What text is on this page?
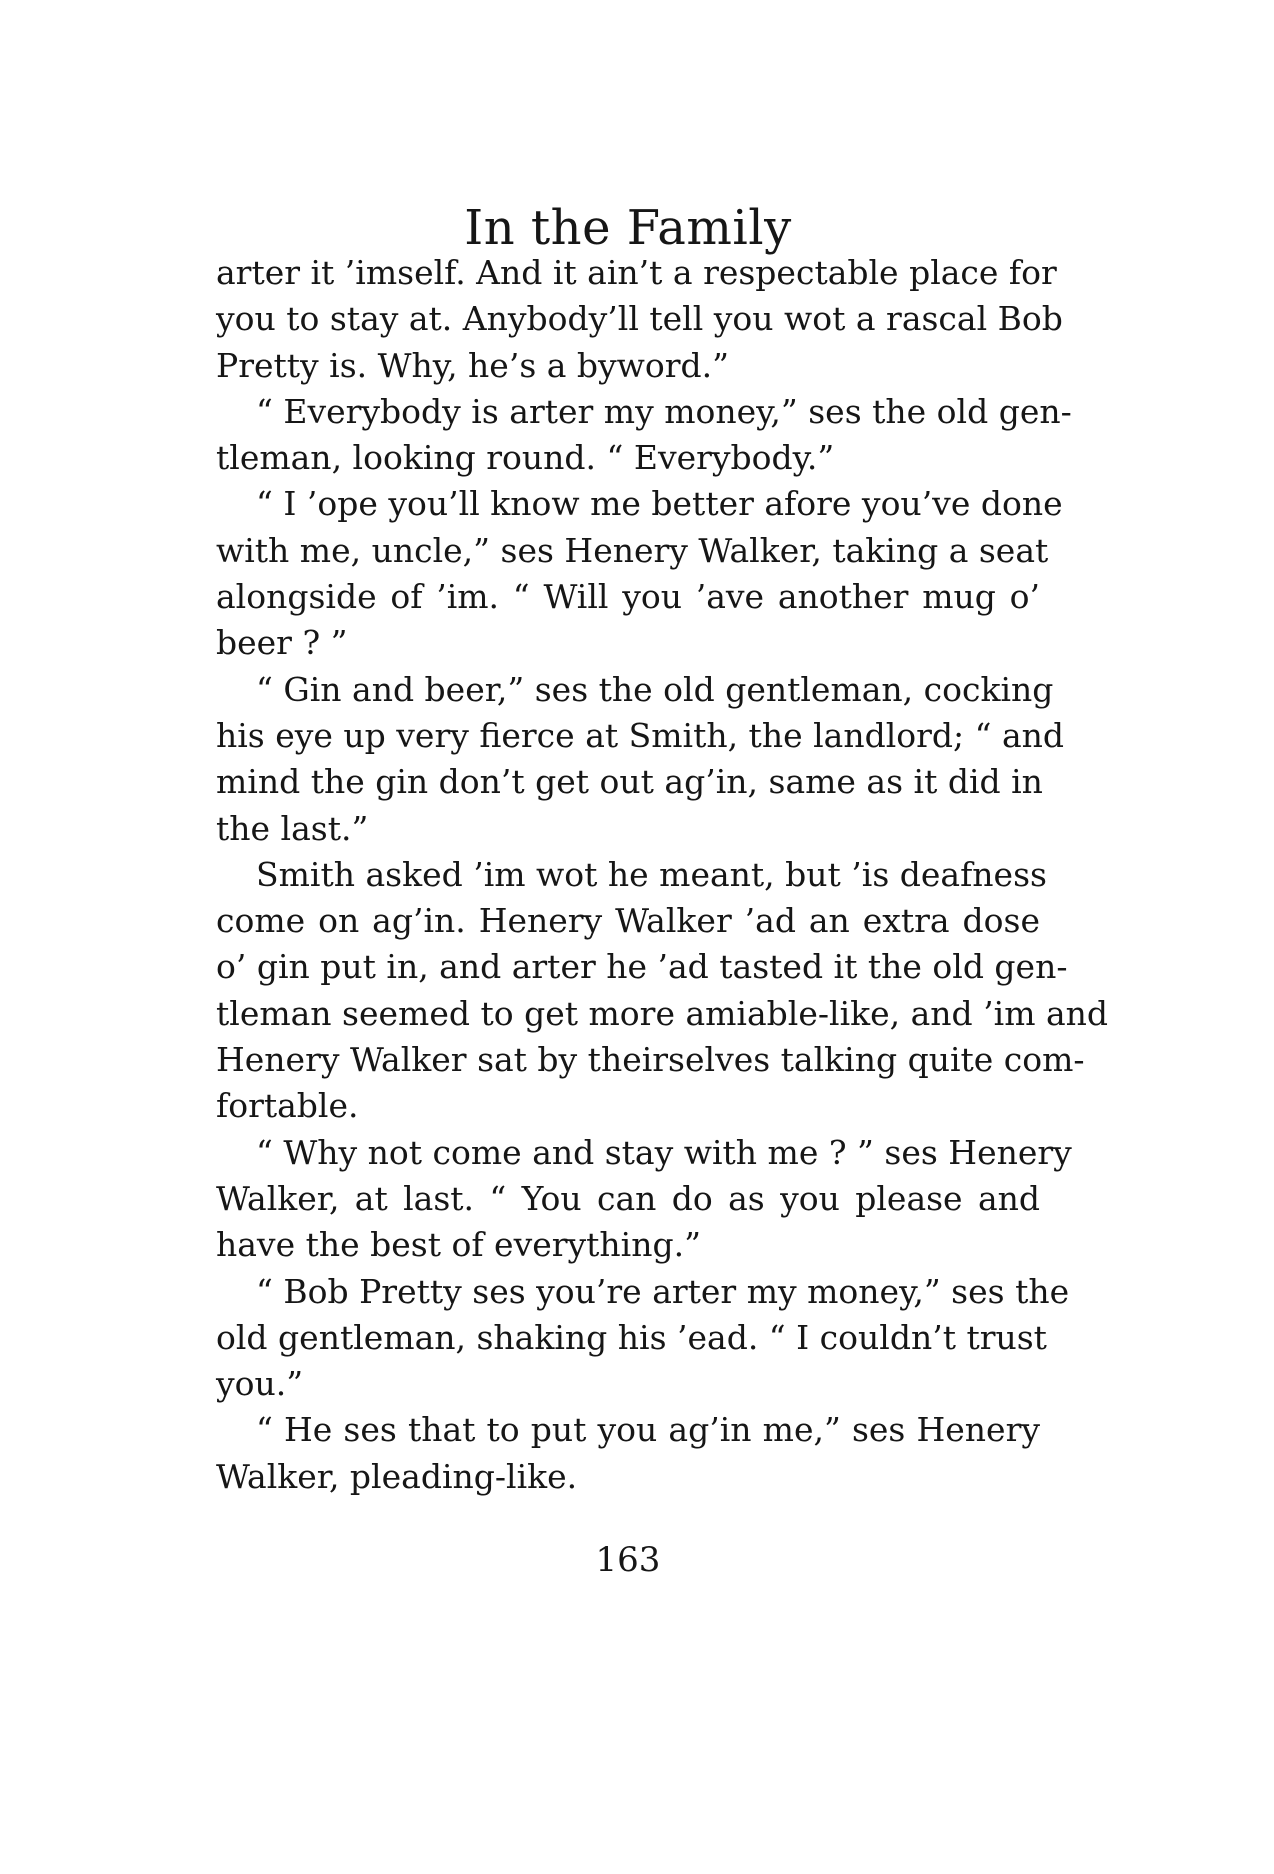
In the Family
arter it ’imself. And it ain’t a respectable place for
you to stay at. Anybody’ll tell you wot a rascal Bob
Pretty is. Why, he’s a byword.”
“ Everybody is arter my money,” ses the old gen-
tleman, looking round. “ Everybody.”
“ I ’ope you’ll know me better afore you’ve done
with me, uncle,” ses Henery Walker, taking a seat
alongside of ’im. “ Will you ’ave another mug o’
beer ? ”
“ Gin and beer,” ses the old gentleman, cocking
his eye up very fierce at Smith, the landlord; “ and
mind the gin don’t get out ag’in, same as it did in
the last.”
Smith asked ’im wot he meant, but ’is deafness
come on ag’in. Henery Walker ’ad an extra dose
o’ gin put in, and arter he ’ad tasted it the old gen-
tleman seemed to get more amiable-like, and ’im and
Henery Walker sat by theirselves talking quite com-
fortable.
“ Why not come and stay with me ? ” ses Henery
Walker, at last. “ You can do as you please and
have the best of everything.”
“ Bob Pretty ses you’re arter my money,” ses the
old gentleman, shaking his ’ead. “ I couldn’t trust
you.”
“ He ses that to put you ag’in me,” ses Henery
Walker, pleading-like.
163
